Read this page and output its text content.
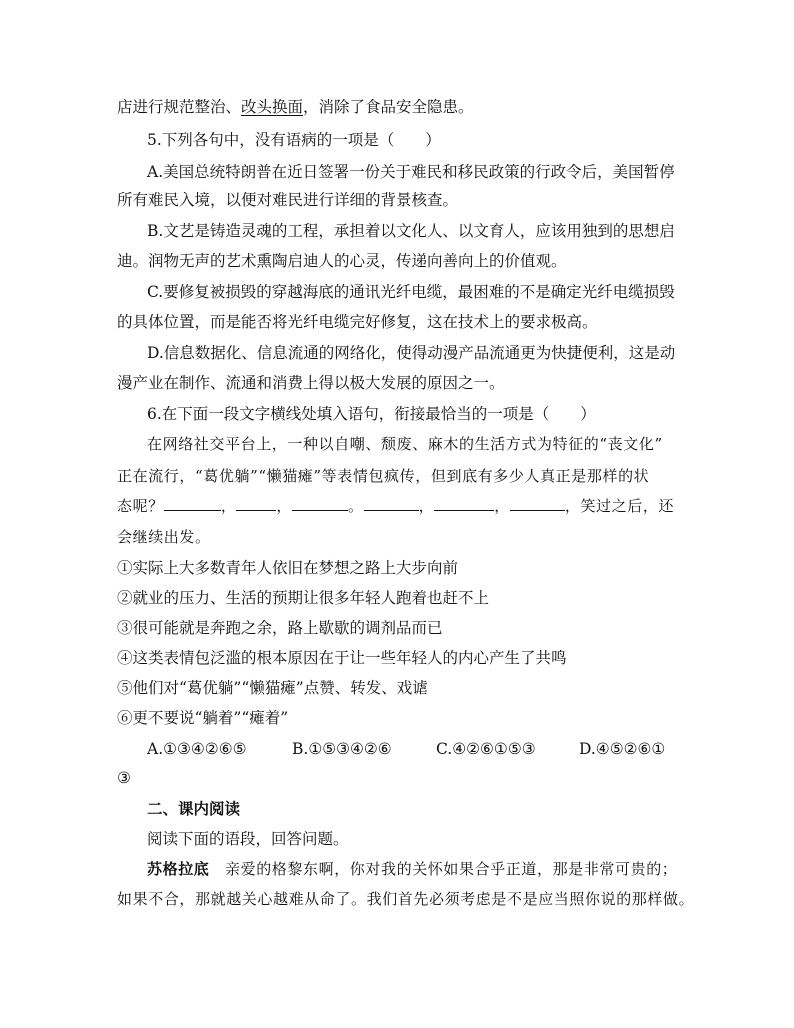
店进行规范整治、改头换面，消除了食品安全隐患。
5.下列各句中，没有语病的一项是（　　）
A.美国总统特朗普在近日签署一份关于难民和移民政策的行政令后，美国暂停
所有难民入境，以便对难民进行详细的背景核查。
B.文艺是铸造灵魂的工程，承担着以文化人、以文育人，应该用独到的思想启
迪。润物无声的艺术熏陶启迪人的心灵，传递向善向上的价值观。
C.要修复被损毁的穿越海底的通讯光纤电缆，最困难的不是确定光纤电缆损毁
的具体位置，而是能否将光纤电缆完好修复，这在技术上的要求极高。
D.信息数据化、信息流通的网络化，使得动漫产品流通更为快捷便利，这是动
漫产业在制作、流通和消费上得以极大发展的原因之一。
6.在下面一段文字横线处填入语句，衔接最恰当的一项是（　　）
在网络社交平台上，一种以自嘲、颓废、麻木的生活方式为特征的“丧文化”
正在流行，“葛优躺”“懒猫瘫”等表情包疯传，但到底有多少人真正是那样的状
态呢？	，	，	。	，	，	，笑过之后，还
会继续出发。
①实际上大多数青年人依旧在梦想之路上大步向前
②就业的压力、生活的预期让很多年轻人跑着也赶不上
③很可能就是奔跑之余，路上歇歇的调剂品而已
④这类表情包泛滥的根本原因在于让一些年轻人的内心产生了共鸣
⑤他们对“葛优躺”“懒猫瘫”点赞、转发、戏谑
⑥更不要说“躺着”“瘫着”
A.①③④②⑥⑤	B.①⑤③④②⑥	C.④②⑥①⑤③	D.④⑤②⑥①
③
二、课内阅读
阅读下面的语段，回答问题。
苏格拉底　亲爱的格黎东啊，你对我的关怀如果合乎正道，那是非常可贵的；
如果不合，那就越关心越难从命了。我们首先必须考虑是不是应当照你说的那样做。
